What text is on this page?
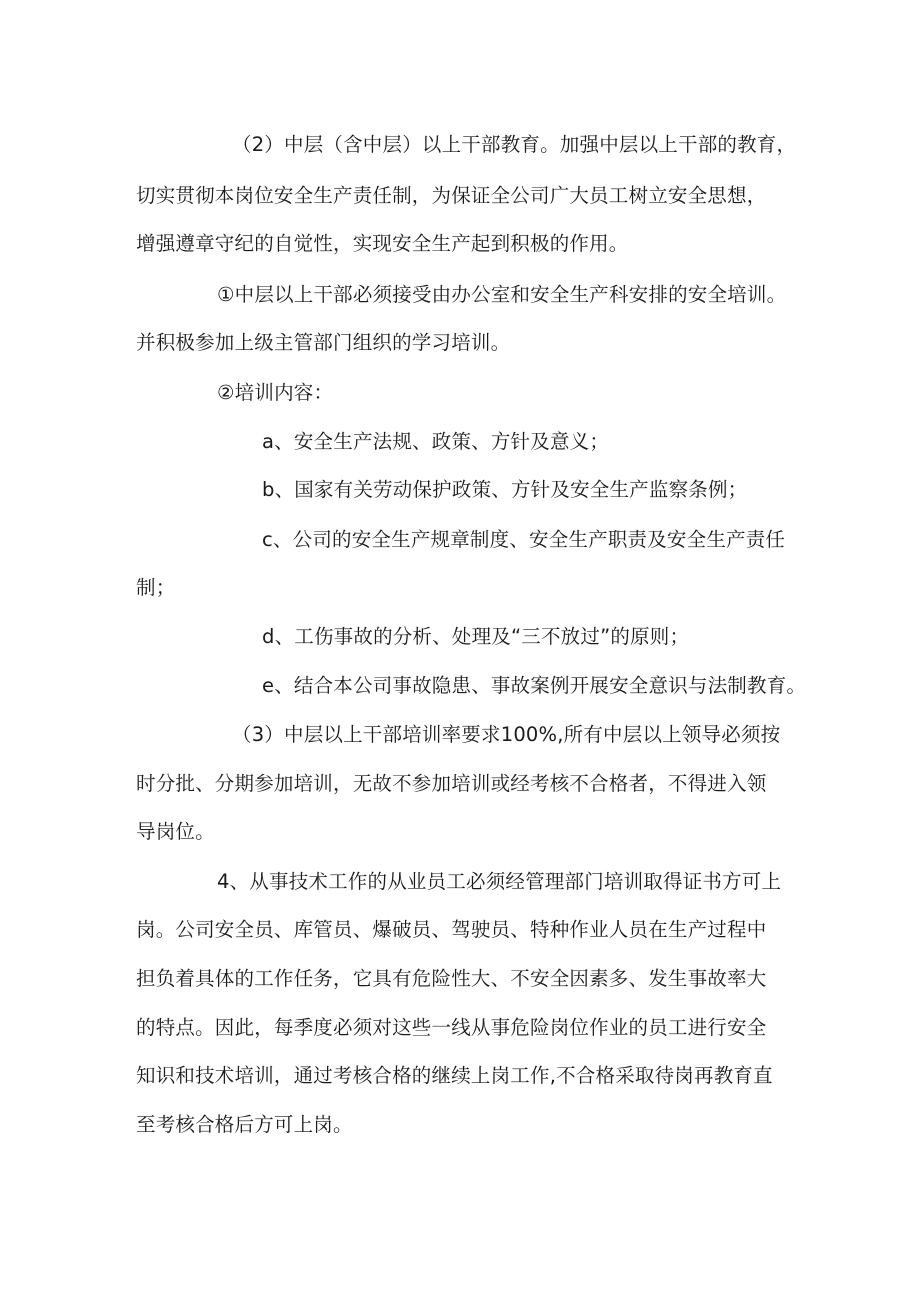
（2）中层（含中层）以上干部教育。加强中层以上干部的教育，
切实贯彻本岗位安全生产责任制，为保证全公司广大员工树立安全思想，
增强遵章守纪的自觉性，实现安全生产起到积极的作用。
①中层以上干部必须接受由办公室和安全生产科安排的安全培训。
并积极参加上级主管部门组织的学习培训。
②培训内容：
a、安全生产法规、政策、方针及意义；
b、国家有关劳动保护政策、方针及安全生产监察条例；
c、公司的安全生产规章制度、安全生产职责及安全生产责任
制；
d、工伤事故的分析、处理及“三不放过”的原则；
e、结合本公司事故隐患、事故案例开展安全意识与法制教育。
（3）中层以上干部培训率要求100%,所有中层以上领导必须按
时分批、分期参加培训，无故不参加培训或经考核不合格者，不得进入领
导岗位。
4、从事技术工作的从业员工必须经管理部门培训取得证书方可上
岗。公司安全员、库管员、爆破员、驾驶员、特种作业人员在生产过程中
担负着具体的工作任务，它具有危险性大、不安全因素多、发生事故率大
的特点。因此，每季度必须对这些一线从事危险岗位作业的员工进行安全
知识和技术培训，通过考核合格的继续上岗工作,不合格采取待岗再教育直
至考核合格后方可上岗。
